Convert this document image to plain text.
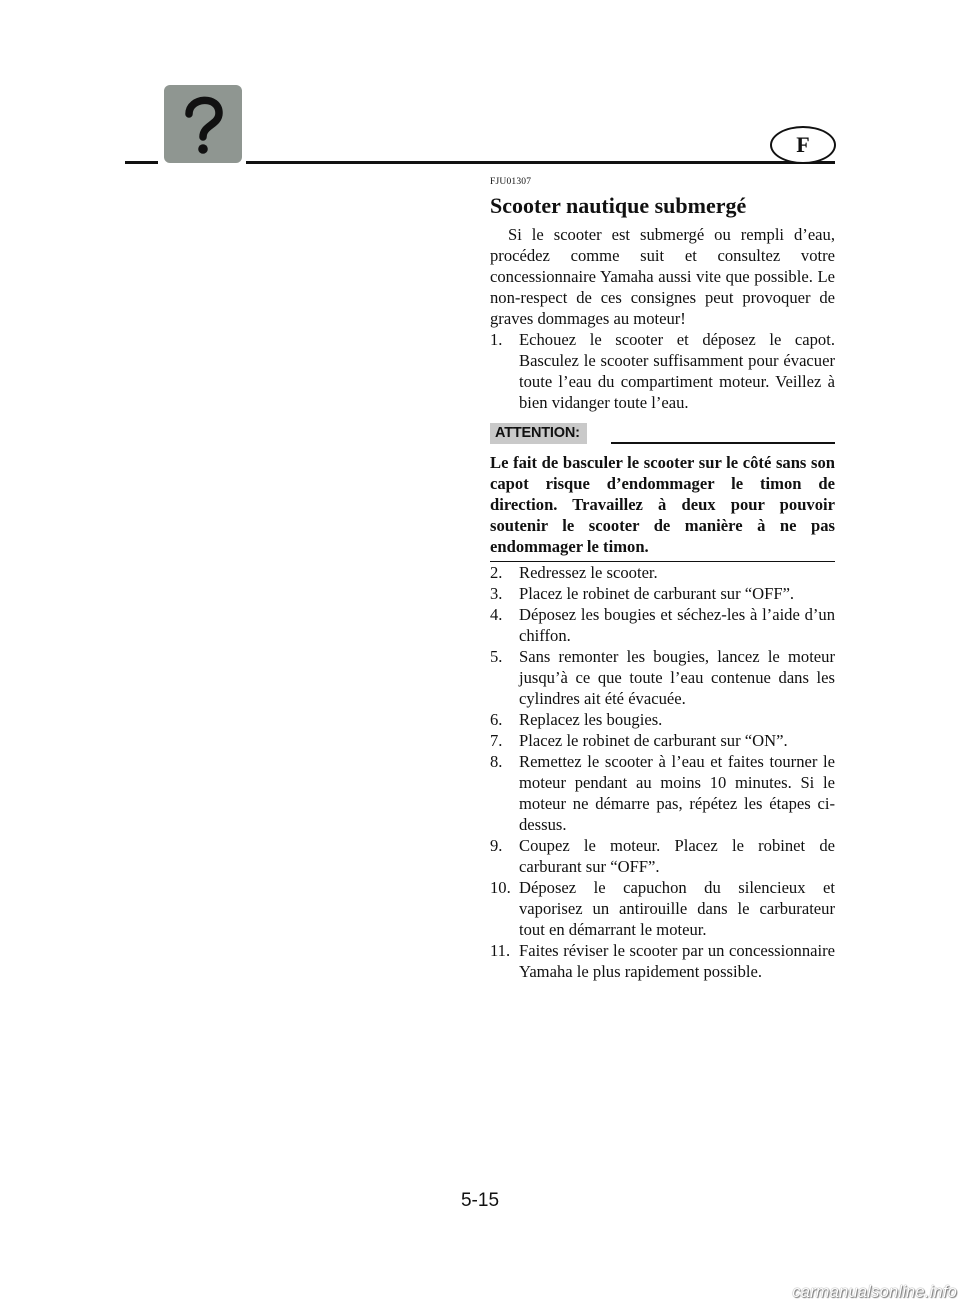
F
FJU01307
Scooter nautique submergé

Si le scooter est submergé ou rempli d’eau, procédez comme suit et consultez votre concessionnaire Yamaha aussi vite que possible. Le non-respect de ces consignes peut provoquer de graves dommages au moteur!

1. Echouez le scooter et déposez le capot. Basculez le scooter suffisamment pour évacuer toute l’eau du compartiment moteur. Veillez à bien vidanger toute l’eau.
ATTENTION:

Le fait de basculer le scooter sur le côté sans son capot risque d’endommager le timon de direction. Travaillez à deux pour pouvoir soutenir le scooter de manière à ne pas endommager le timon.

2. Redressez le scooter.
3. Placez le robinet de carburant sur “OFF”.
4. Déposez les bougies et séchez-les à l’aide d’un chiffon.
5. Sans remonter les bougies, lancez le moteur jusqu’à ce que toute l’eau contenue dans les cylindres ait été évacuée.
6. Replacez les bougies.
7. Placez le robinet de carburant sur “ON”.
8. Remettez le scooter à l’eau et faites tourner le moteur pendant au moins 10 minutes. Si le moteur ne démarre pas, répétez les étapes ci-dessus.
9. Coupez le moteur. Placez le robinet de carburant sur “OFF”.
10. Déposez le capuchon du silencieux et vaporisez un antirouille dans le carburateur tout en démarrant le moteur.
11. Faites réviser le scooter par un concessionnaire Yamaha le plus rapidement possible.
5-15
carmanualsonline.info
